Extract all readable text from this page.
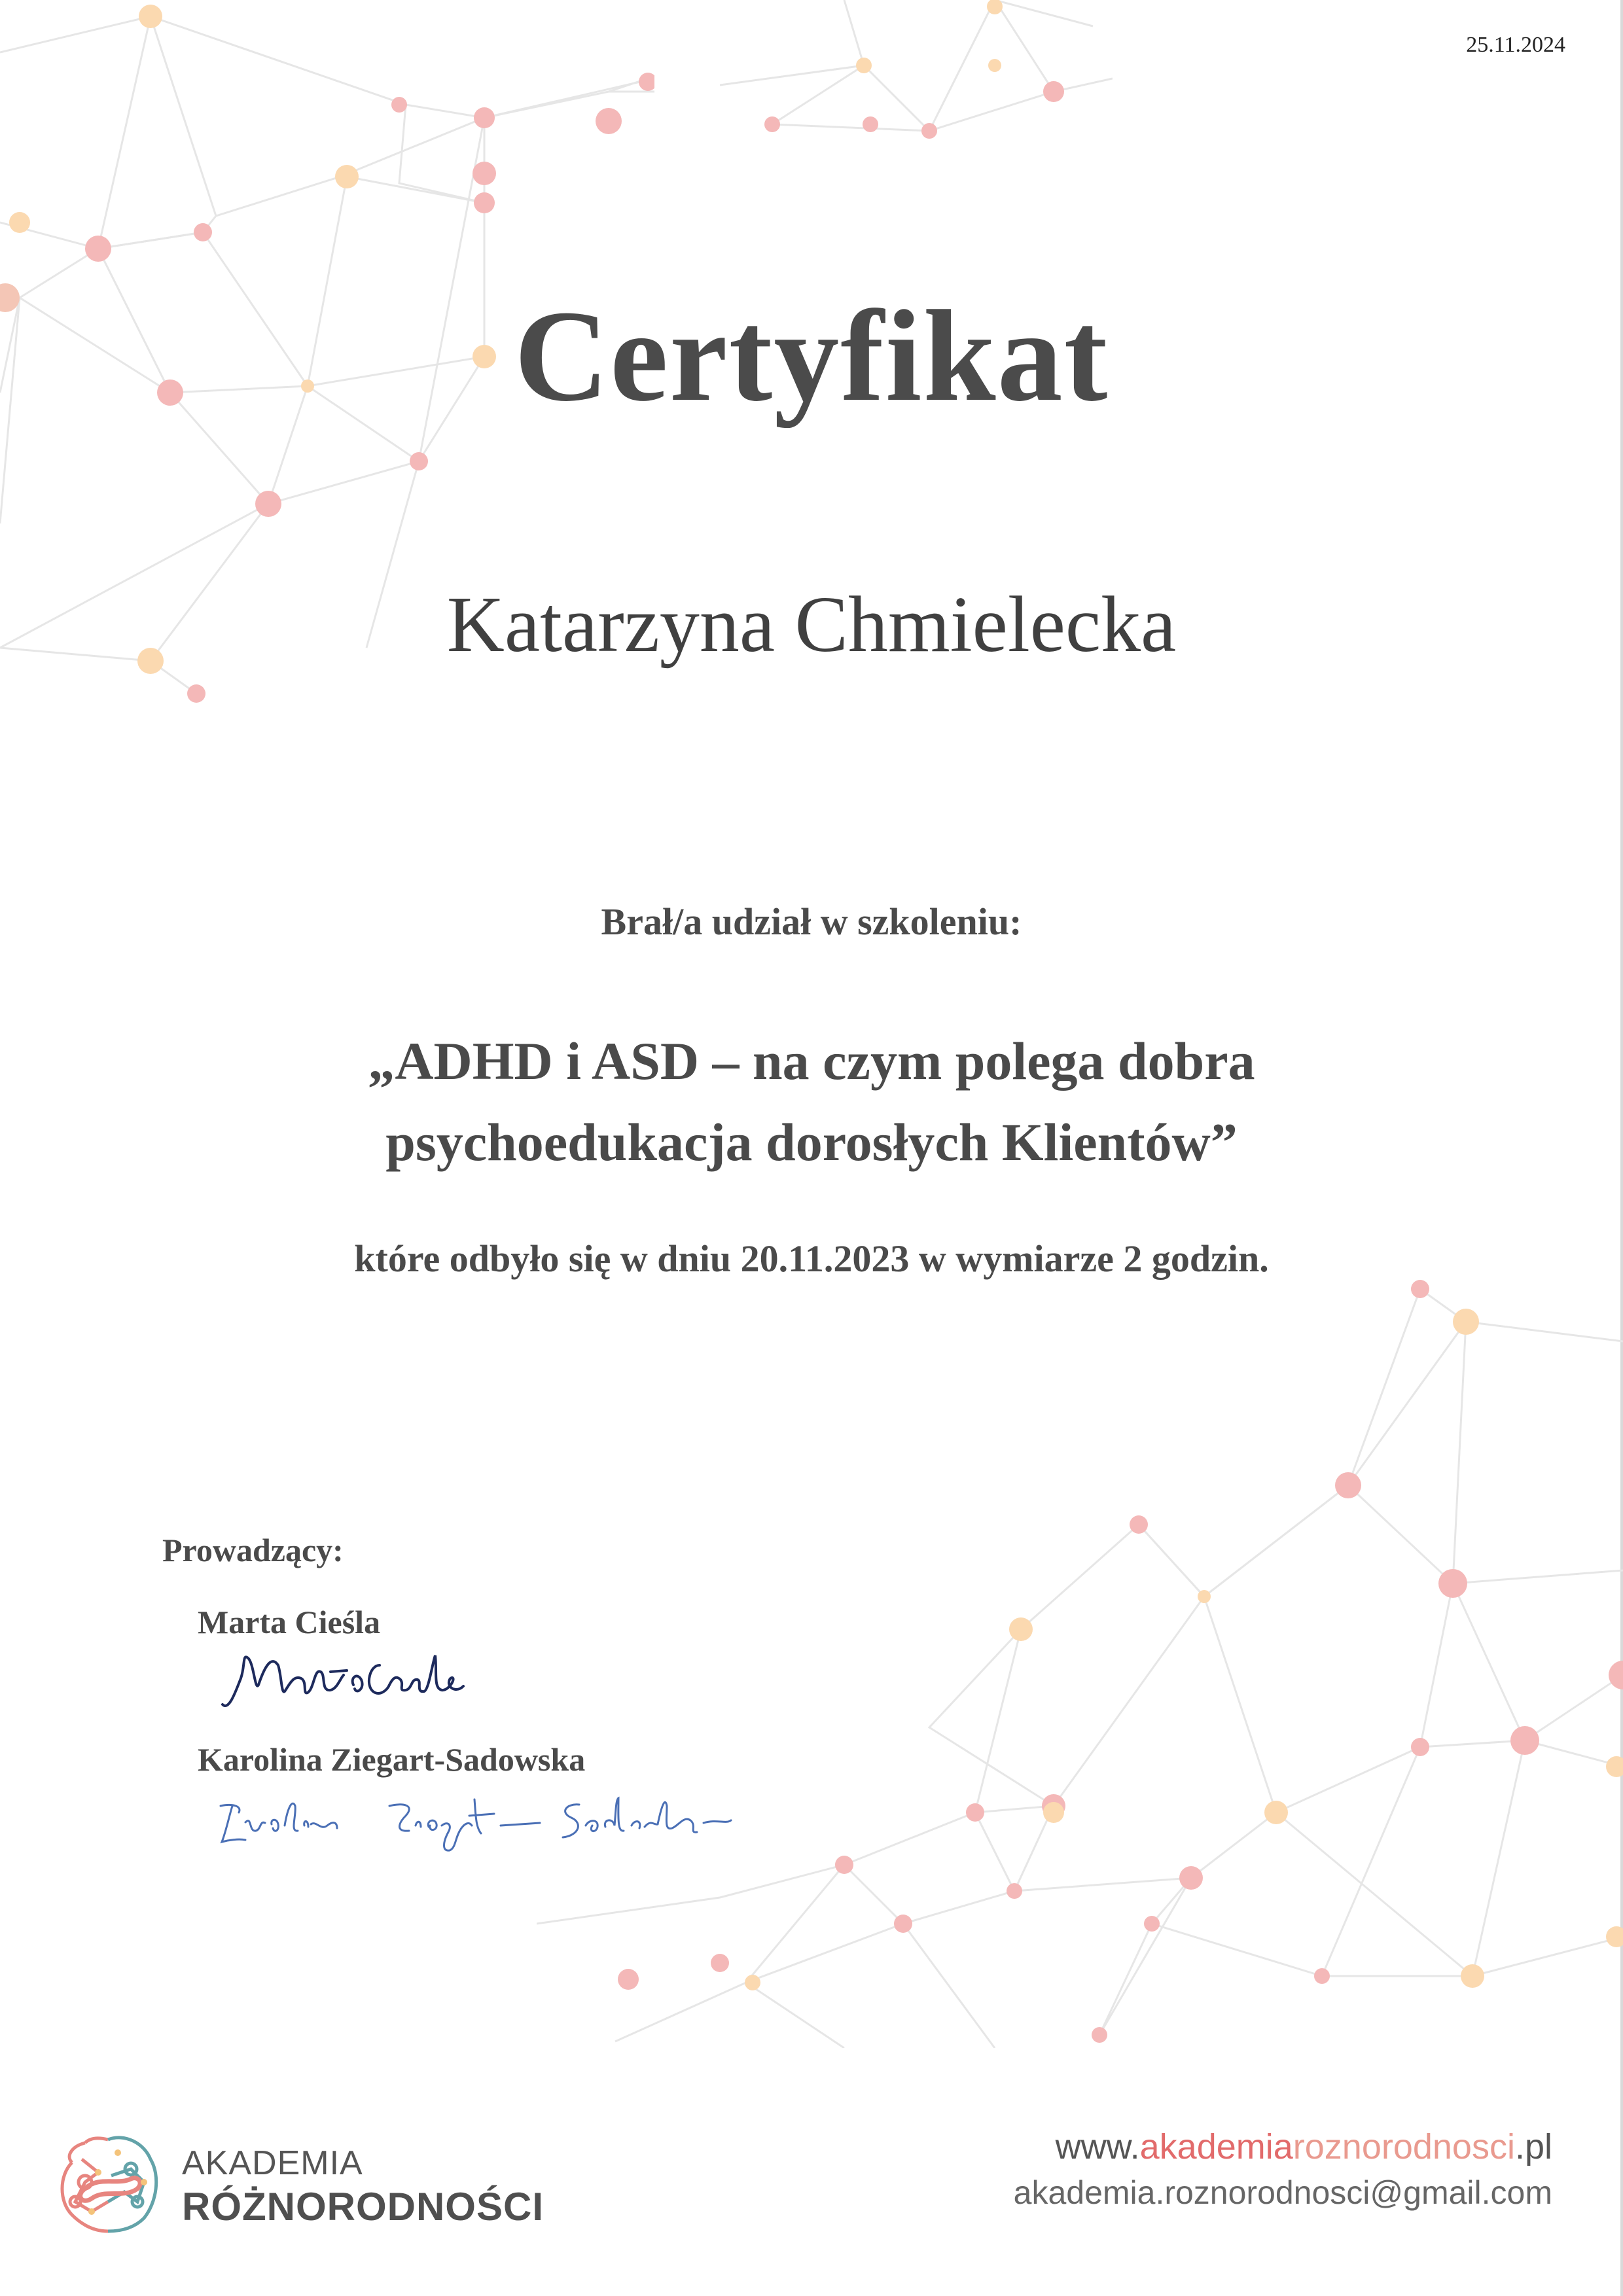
25.11.2024
Certyfikat
Katarzyna Chmielecka
Brał/a udział w szkoleniu:
„ADHD i ASD – na czym polega dobra
psychoedukacja dorosłych Klientów”
które odbyło się w dniu 20.11.2023 w wymiarze 2 godzin.
Prowadzący:
Marta Cieśla
Karolina Ziegart-Sadowska
AKADEMIA
RÓŻNORODNOŚCI
www.akademiaroznorodnosci.pl
akademia.roznorodnosci@gmail.com
